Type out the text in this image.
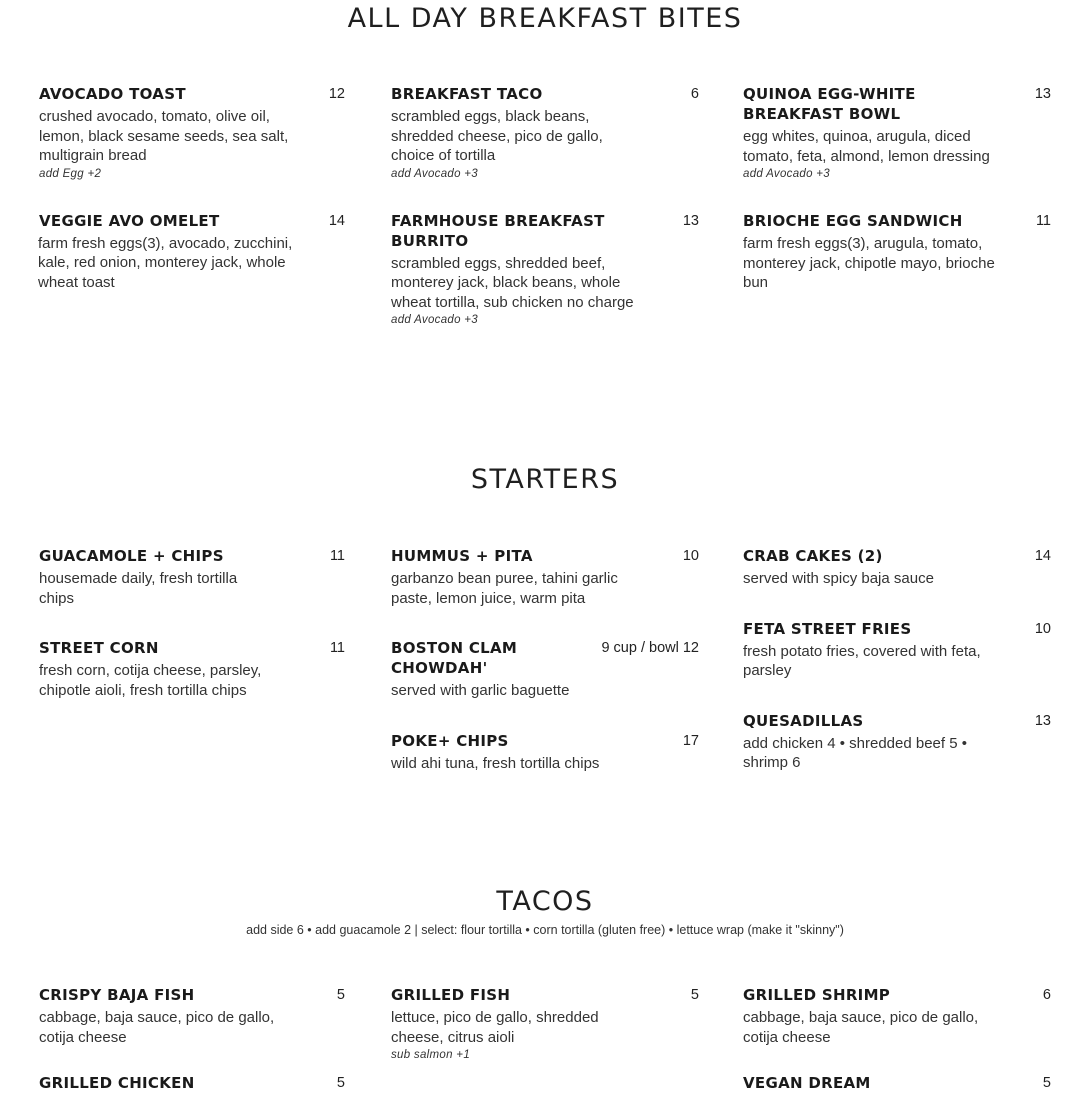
ALL DAY BREAKFAST BITES
AVOCADO TOAST	12
crushed avocado, tomato, olive oil, lemon, black sesame seeds, sea salt, multigrain bread
add Egg +2
VEGGIE AVO OMELET	14
farm fresh eggs(3), avocado, zucchini, kale, red onion, monterey jack, whole wheat toast
BREAKFAST TACO	6
scrambled eggs, black beans, shredded cheese, pico de gallo, choice of tortilla
add Avocado +3
FARMHOUSE BREAKFAST BURRITO
13
scrambled eggs, shredded beef, monterey jack, black beans, whole wheat tortilla, sub chicken no charge
add Avocado +3
QUINOA EGG-WHITE BREAKFAST BOWL
13
egg whites, quinoa, arugula, diced tomato, feta, almond, lemon dressing
add Avocado +3
BRIOCHE EGG SANDWICH	11
farm fresh eggs(3), arugula, tomato, monterey jack, chipotle mayo, brioche bun
STARTERS
GUACAMOLE + CHIPS	11
housemade daily, fresh tortilla chips
STREET CORN	11
fresh corn, cotija cheese, parsley, chipotle aioli, fresh tortilla chips
HUMMUS + PITA	10
garbanzo bean puree, tahini garlic paste, lemon juice, warm pita
BOSTON CLAM CHOWDAH'
9 cup / bowl 12
served with garlic baguette
POKE+ CHIPS	17
wild ahi tuna, fresh tortilla chips
CRAB CAKES (2)	14
served with spicy baja sauce
FETA STREET FRIES	10
fresh potato fries, covered with feta, parsley
QUESADILLAS	13
add chicken 4 • shredded beef 5 • shrimp 6
TACOS
add side 6 • add guacamole 2 | select: flour tortilla • corn tortilla (gluten free) • lettuce wrap (make it "skinny")
CRISPY BAJA FISH	5
cabbage, baja sauce, pico de gallo, cotija cheese
GRILLED CHICKEN	5
GRILLED FISH	5
lettuce, pico de gallo, shredded cheese, citrus aioli
sub salmon +1
GRILLED SHRIMP	6
cabbage, baja sauce, pico de gallo, cotija cheese
VEGAN DREAM	5
